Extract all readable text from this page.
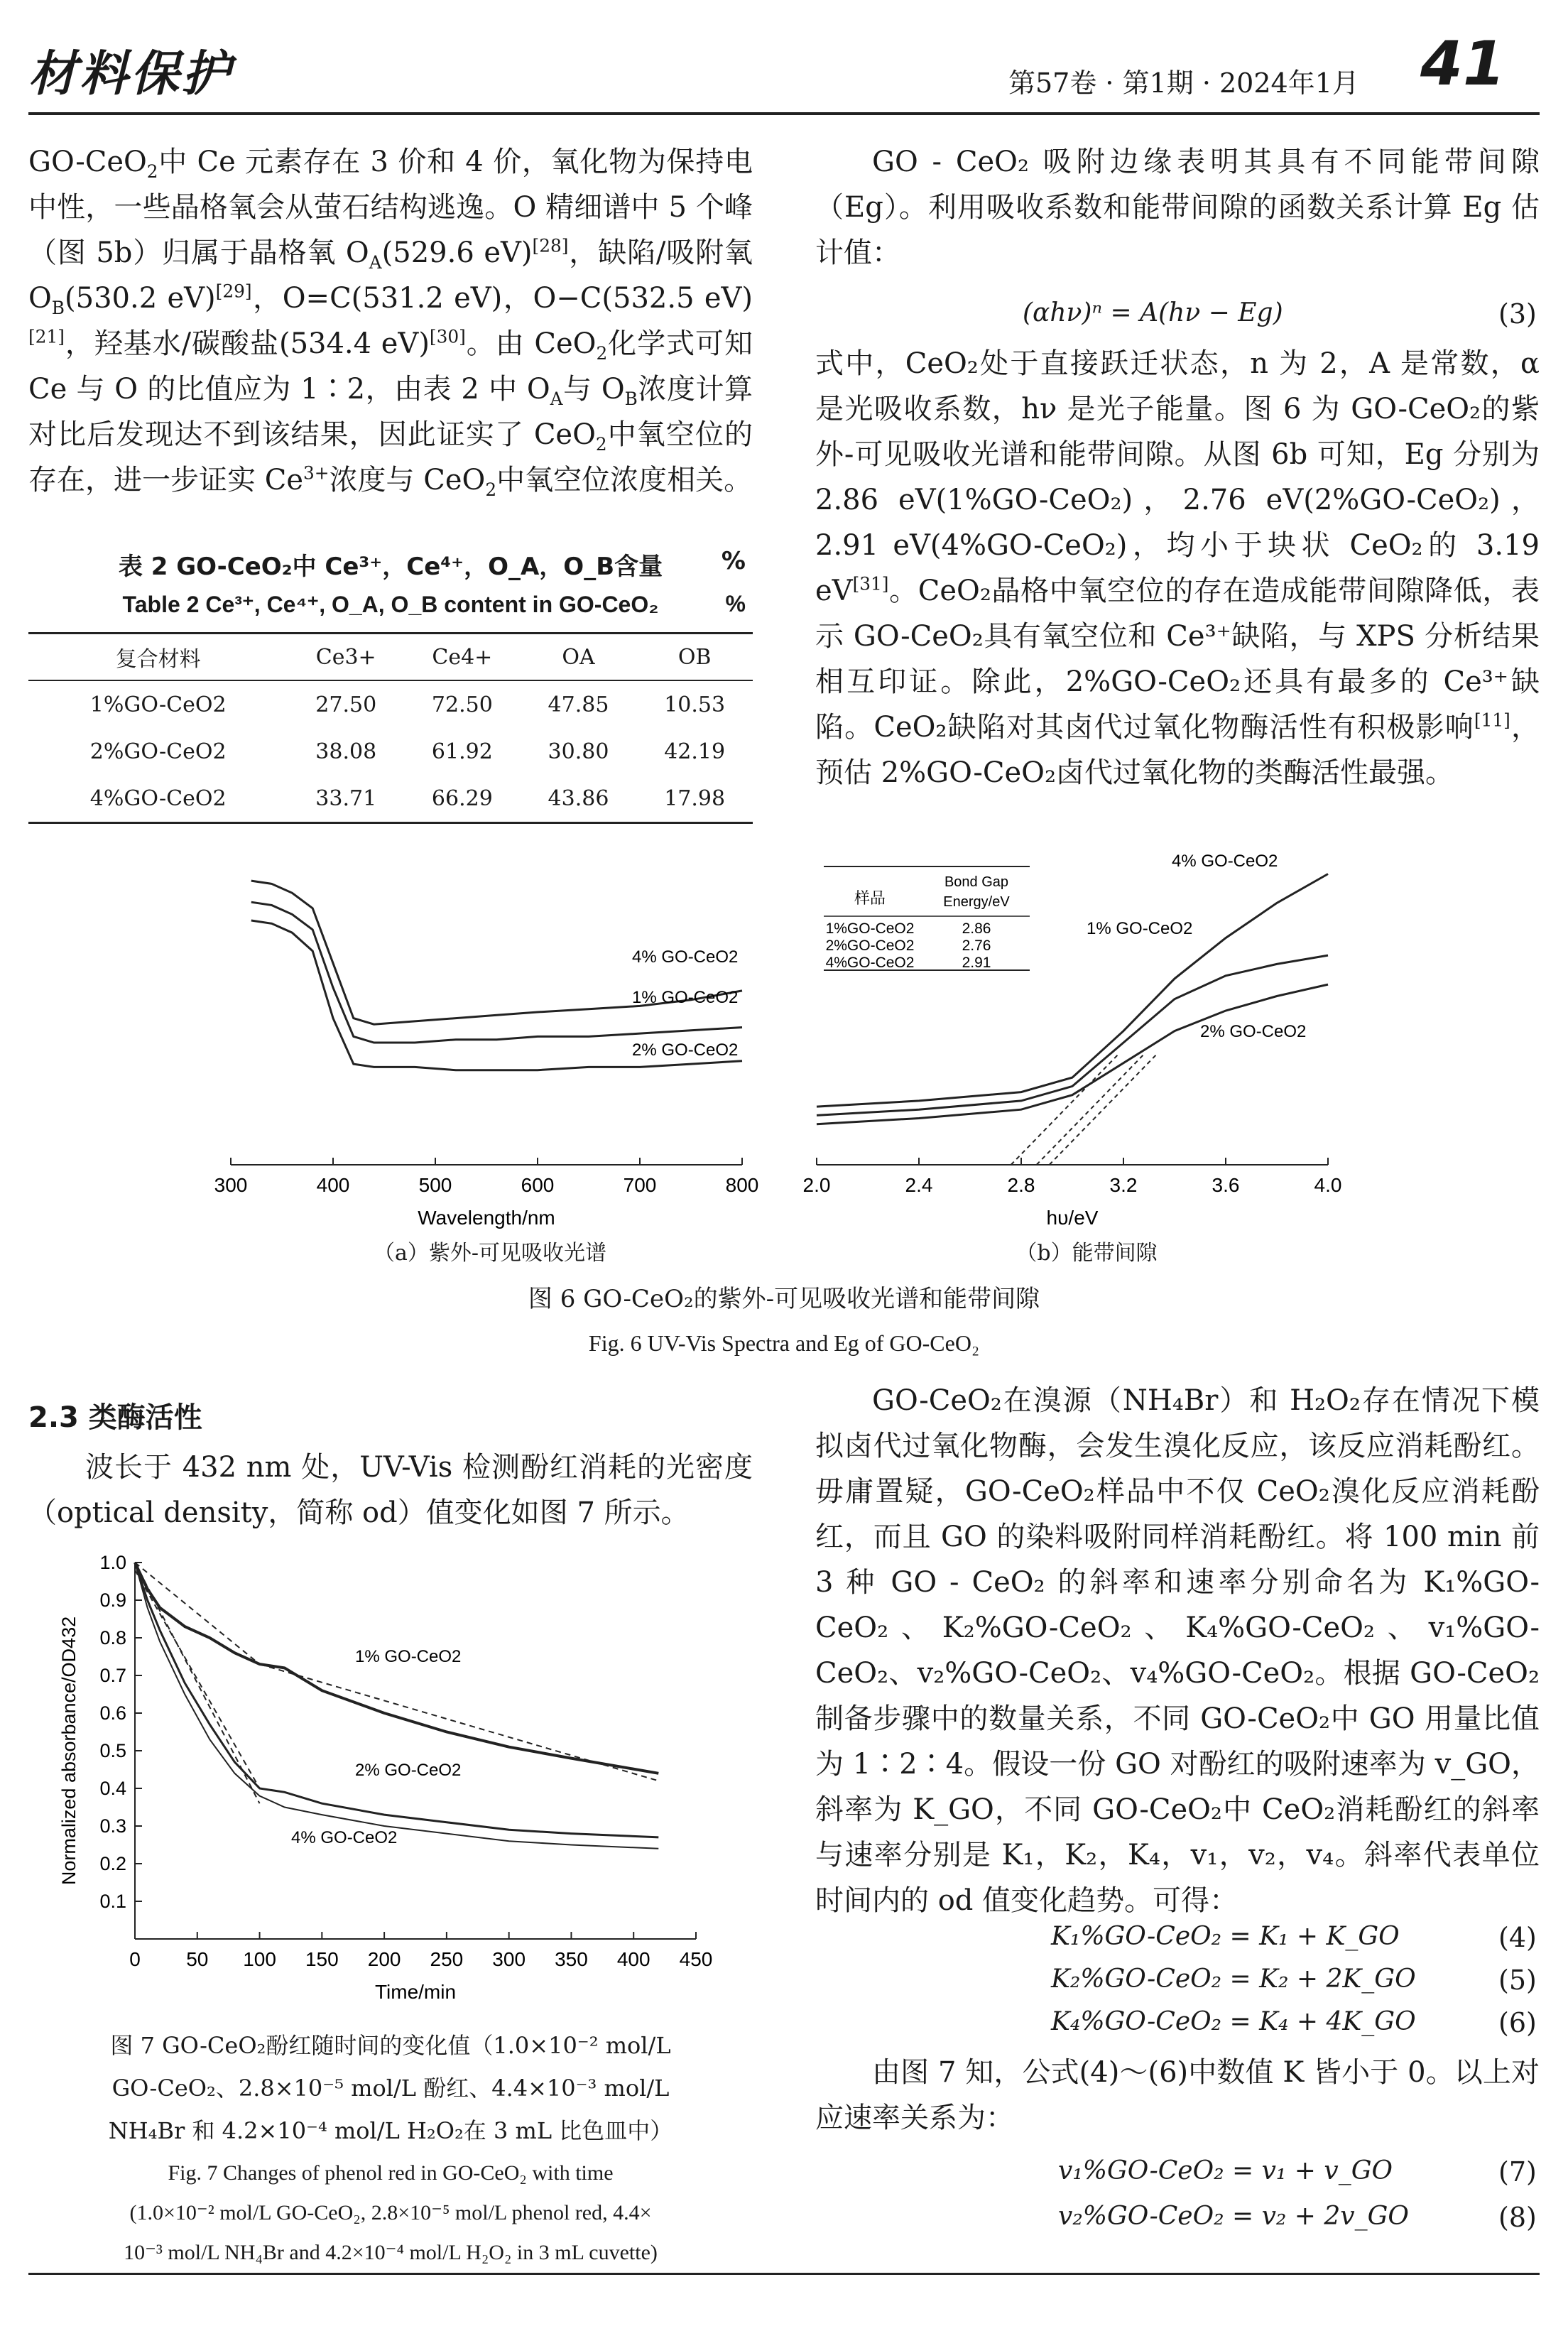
材料保护	第57卷 · 第1期 · 2024年1月 41

GO-CeO$_2$中 Ce 元素存在 3 价和 4 价，氧化物为保持电中性，一些晶格氧会从萤石结构逃逸。O 精细谱中 5 个峰（图 5b）归属于晶格氧 $O_A(529.6$ eV)[28]，缺陷/吸附氧 $O_B(530.2$ eV)[29]，O=C(531.2 eV)，O−C(532.5 eV)[21]，羟基水/碳酸盐(534.4 eV)[30]。由 CeO$_2$化学式可知 Ce 与 O 的比值应为 1∶2，由表 2 中 $O_A$与 $O_B$浓度计算对比后发现达不到该结果，因此证实了 CeO$_2$中氧空位的存在，进一步证实 $Ce^{3+}$浓度与 CeO$_2$中氧空位浓度相关。

表 2 GO-CeO₂中 Ce³⁺，Ce⁴⁺，O_A，O_B含量 %
Table 2 Ce³⁺, Ce⁴⁺, O_A, O_B content in GO-CeO₂	%
复合材料	Ce3+	Ce4+	OA	OB
1%GO-CeO2	27.50	72.50	47.85	10.53
2%GO-CeO2	38.08	61.92	30.80	42.19
4%GO-CeO2	33.71	66.29	43.86	17.98

GO - CeO₂ 吸附边缘表明其具有不同能带间隙（Eg）。利用吸收系数和能带间隙的函数关系计算 Eg 估计值：

(αhν)ⁿ = A(hν − Eg)	(3)

式中，CeO₂处于直接跃迁状态，n 为 2，A 是常数，α 是光吸收系数，hν 是光子能量。图 6 为 GO-CeO₂的紫外-可见吸收光谱和能带间隙。从图 6b 可知，Eg 分别为 2.86 eV(1%GO-CeO₂)，2.76 eV(2%GO-CeO₂)，2.91 eV(4%GO-CeO₂)，均小于块状 CeO₂的 3.19 eV[31]。CeO₂晶格中氧空位的存在造成能带间隙降低，表示 GO-CeO₂具有氧空位和 Ce³⁺缺陷，与 XPS 分析结果相互印证。除此，2%GO-CeO₂还具有最多的 Ce³⁺缺陷。CeO₂缺陷对其卤代过氧化物酶活性有积极影响[11]，预估 2%GO-CeO₂卤代过氧化物的类酶活性最强。

300	400	500	600	700	800
Wavelength/nm
4% GO-CeO2
1% GO-CeO2
2% GO-CeO2
（a）紫外-可见吸收光谱
2.0	2.4	2.8	3.2	3.6	4.0
hυ/eV
4% GO-CeO2
1% GO-CeO2
2% GO-CeO2
样品
Bond Gap
Energy/eV
1%GO-CeO2	2.86
2%GO-CeO2	2.76
4%GO-CeO2	2.91
（b）能带间隙
图 6 GO-CeO₂的紫外-可见吸收光谱和能带间隙
Fig. 6 UV-Vis Spectra and Eg of GO-CeO₂
2.3 类酶活性

波长于 432 nm 处，UV-Vis 检测酚红消耗的光密度（optical density，简称 od）值变化如图 7 所示。

0 50 100 150 200 250 300 350 400 450
Time/min
0.1
0.2
0.3
0.4
0.5
0.6
0.7
0.8
0.9
1.0
Normalized absorbance/OD432	1% GO-CeO2
2% GO-CeO2
4% GO-CeO2
图 7 GO-CeO₂酚红随时间的变化值（1.0×10⁻² mol/L
GO-CeO₂、2.8×10⁻⁵ mol/L 酚红、4.4×10⁻³ mol/L
NH₄Br 和 4.2×10⁻⁴ mol/L H₂O₂在 3 mL 比色皿中）
Fig. 7 Changes of phenol red in GO-CeO₂ with time
(1.0×10⁻² mol/L GO-CeO₂, 2.8×10⁻⁵ mol/L phenol red, 4.4×
10⁻³ mol/L NH₄Br and 4.2×10⁻⁴ mol/L H₂O₂ in 3 mL cuvette)

GO-CeO₂在溴源（NH₄Br）和 H₂O₂存在情况下模拟卤代过氧化物酶，会发生溴化反应，该反应消耗酚红。毋庸置疑，GO-CeO₂样品中不仅 CeO₂溴化反应消耗酚红，而且 GO 的染料吸附同样消耗酚红。将 100 min 前 3 种 GO - CeO₂ 的斜率和速率分别命名为 K₁%GO-CeO₂、K₂%GO-CeO₂、K₄%GO-CeO₂、v₁%GO-CeO₂、v₂%GO-CeO₂、v₄%GO-CeO₂。根据 GO-CeO₂制备步骤中的数量关系，不同 GO-CeO₂中 GO 用量比值为 1∶2∶4。假设一份 GO 对酚红的吸附速率为 v_GO，斜率为 K_GO，不同 GO-CeO₂中 CeO₂消耗酚红的斜率与速率分别是 K₁，K₂，K₄，v₁，v₂，v₄。斜率代表单位时间内的 od 值变化趋势。可得：

K₁%GO-CeO₂ = K₁ + K_GO	(4)
K₂%GO-CeO₂ = K₂ + 2K_GO	(5)
K₄%GO-CeO₂ = K₄ + 4K_GO	(6)

由图 7 知，公式(4)～(6)中数值 K 皆小于 0。以上对应速率关系为：

v₁%GO-CeO₂ = v₁ + v_GO	(7)
v₂%GO-CeO₂ = v₂ + 2v_GO	(8)
